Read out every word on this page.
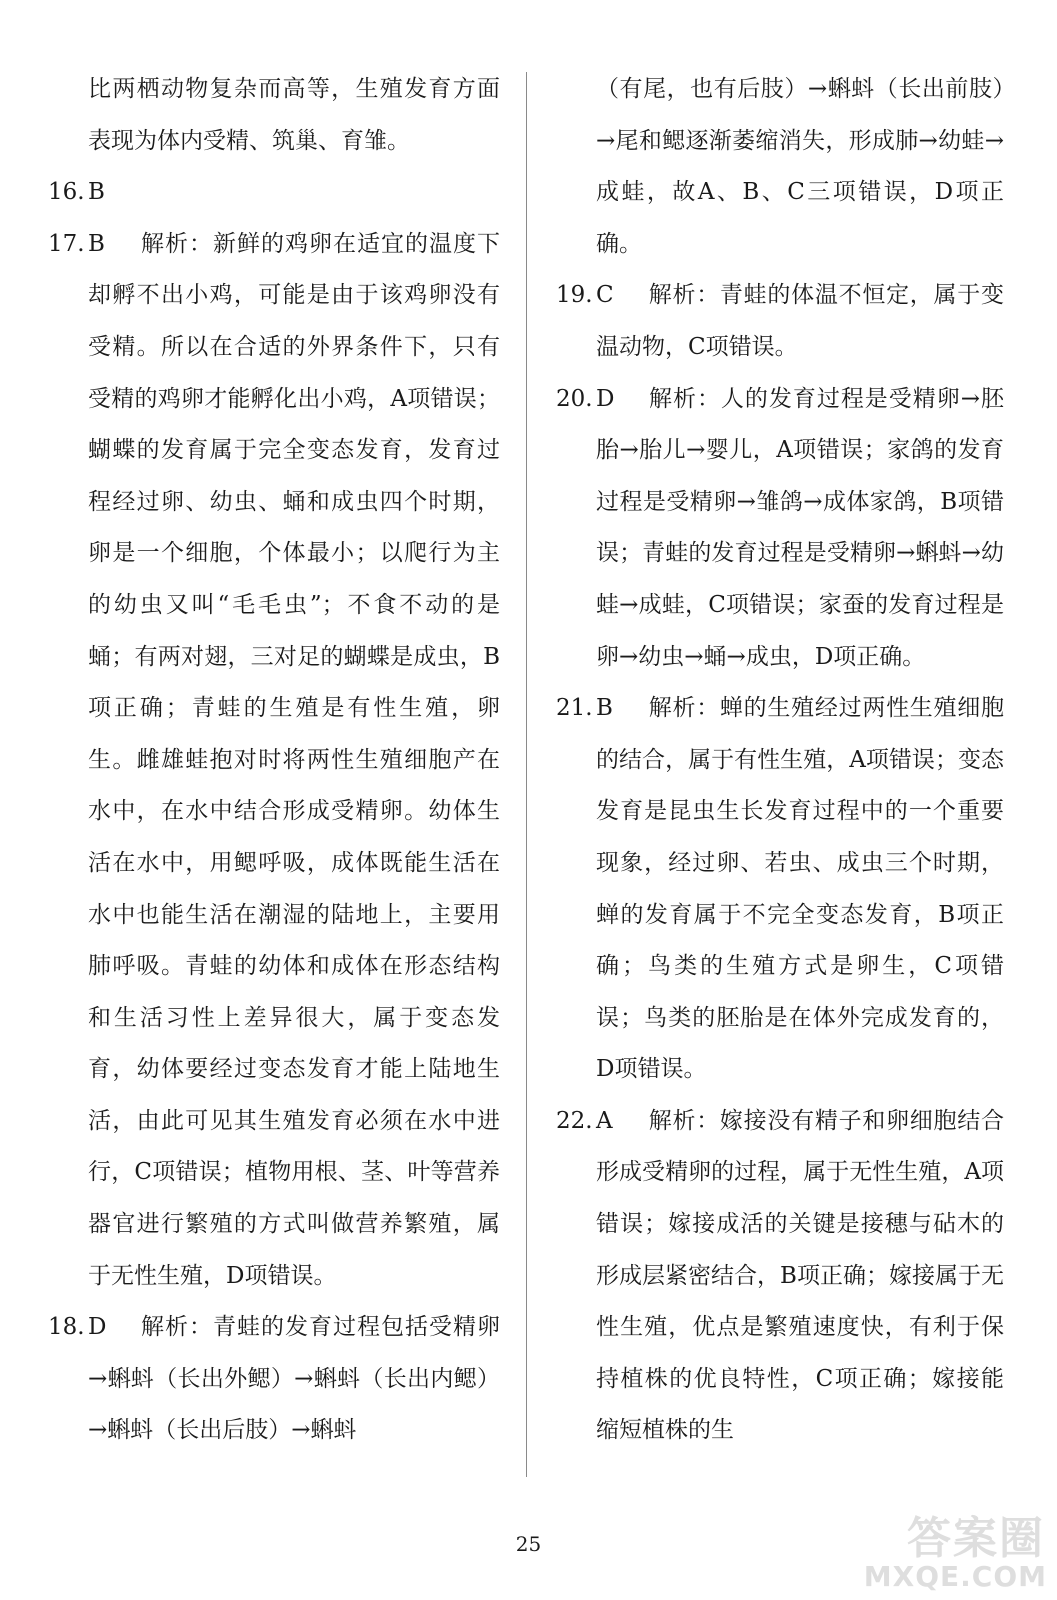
比两栖动物复杂而高等，生殖发育方面表现为体内受精、筑巢、育雏。

16. B

17. B 解析：新鲜的鸡卵在适宜的温度下却孵不出小鸡，可能是由于该鸡卵没有受精。所以在合适的外界条件下，只有受精的鸡卵才能孵化出小鸡，A项错误；蝴蝶的发育属于完全变态发育，发育过程经过卵、幼虫、蛹和成虫四个时期，卵是一个细胞，个体最小；以爬行为主的幼虫又叫“毛毛虫”；不食不动的是蛹；有两对翅，三对足的蝴蝶是成虫，B项正确；青蛙的生殖是有性生殖，卵生。雌雄蛙抱对时将两性生殖细胞产在水中，在水中结合形成受精卵。幼体生活在水中，用鳃呼吸，成体既能生活在水中也能生活在潮湿的陆地上，主要用肺呼吸。青蛙的幼体和成体在形态结构和生活习性上差异很大，属于变态发育，幼体要经过变态发育才能上陆地生活，由此可见其生殖发育必须在水中进行，C项错误；植物用根、茎、叶等营养器官进行繁殖的方式叫做营养繁殖，属于无性生殖，D项错误。

18. D 解析：青蛙的发育过程包括受精卵→蝌蚪（长出外鳃）→蝌蚪（长出内鳃）→蝌蚪（长出后肢）→蝌蚪

（有尾，也有后肢）→蝌蚪（长出前肢）→尾和鳃逐渐萎缩消失，形成肺→幼蛙→成蛙，故A、B、C三项错误，D项正确。

19. C 解析：青蛙的体温不恒定，属于变温动物，C项错误。

20. D 解析：人的发育过程是受精卵→胚胎→胎儿→婴儿，A项错误；家鸽的发育过程是受精卵→雏鸽→成体家鸽，B项错误；青蛙的发育过程是受精卵→蝌蚪→幼蛙→成蛙，C项错误；家蚕的发育过程是卵→幼虫→蛹→成虫，D项正确。

21. B 解析：蝉的生殖经过两性生殖细胞的结合，属于有性生殖，A项错误；变态发育是昆虫生长发育过程中的一个重要现象，经过卵、若虫、成虫三个时期，蝉的发育属于不完全变态发育，B项正确；鸟类的生殖方式是卵生，C项错误；鸟类的胚胎是在体外完成发育的，D项错误。

22. A 解析：嫁接没有精子和卵细胞结合形成受精卵的过程，属于无性生殖，A项错误；嫁接成活的关键是接穗与砧木的形成层紧密结合，B项正确；嫁接属于无性生殖，优点是繁殖速度快，有利于保持植株的优良特性，C项正确；嫁接能缩短植株的生

25	答案圈
MXQE.COM
